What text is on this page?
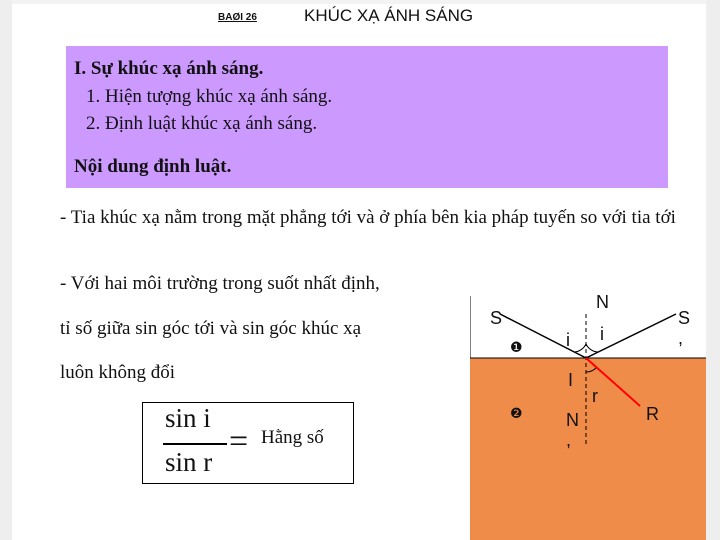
BAØI 26	KHÚC XẠ ÁNH SÁNG
I. Sự khúc xạ ánh sáng.
1. Hiện tượng khúc xạ ánh sáng.
2. Định luật khúc xạ ánh sáng.
Nội dung định luật.
- Tia khúc xạ nằm trong mặt phẳng tới và ở phía bên kia pháp tuyến so với tia tới
- Với hai môi trường trong suốt nhất định,
tỉ số giữa sin góc tới và sin góc khúc xạ
luôn không đổi
sin i
sin r
= Hằng số
S
N
i i
S
,
❶
I
r
R
❷ N
,
